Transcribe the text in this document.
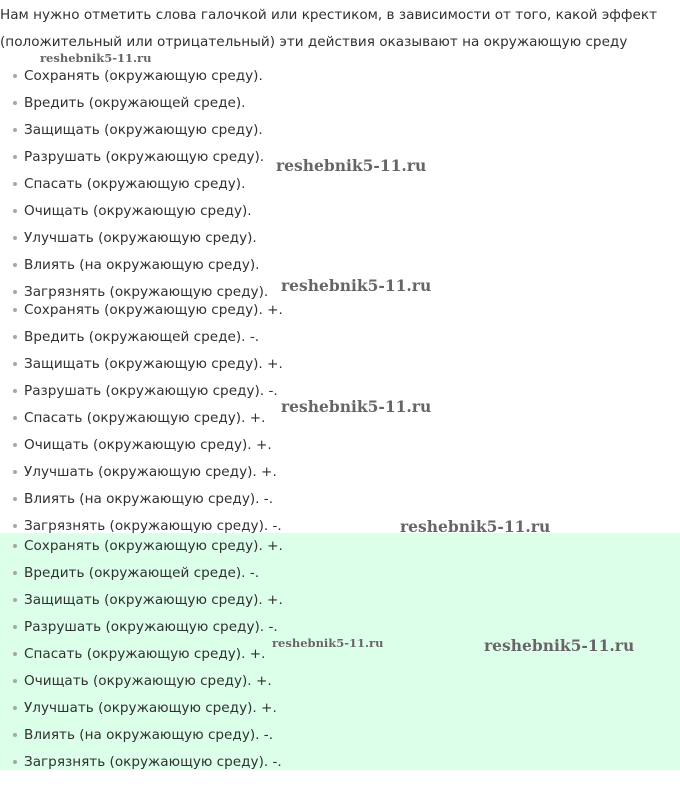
Нам нужно отметить слова галочкой или крестиком, в зависимости от того, какой эффект (положительный или отрицательный) эти действия оказывают на окружающую среду

Сохранять (окружающую среду).
Вредить (окружающей среде).
Защищать (окружающую среду).
Разрушать (окружающую среду).
Спасать (окружающую среду).
Очищать (окружающую среду).
Улучшать (окружающую среду).
Влиять (на окружающую среду).
Загрязнять (окружающую среду).
Сохранять (окружающую среду). +.
Вредить (окружающей среде). -.
Защищать (окружающую среду). +.
Разрушать (окружающую среду). -.
Спасать (окружающую среду). +.
Очищать (окружающую среду). +.
Улучшать (окружающую среду). +.
Влиять (на окружающую среду). -.
Загрязнять (окружающую среду). -.
Сохранять (окружающую среду). +.
Вредить (окружающей среде). -.
Защищать (окружающую среду). +.
Разрушать (окружающую среду). -.
Спасать (окружающую среду). +.
Очищать (окружающую среду). +.
Улучшать (окружающую среду). +.
Влиять (на окружающую среду). -.
Загрязнять (окружающую среду). -.
reshebnik5-11.ru
reshebnik5-11.ru
reshebnik5-11.ru
reshebnik5-11.ru
reshebnik5-11.ru
reshebnik5-11.ru	reshebnik5-11.ru
